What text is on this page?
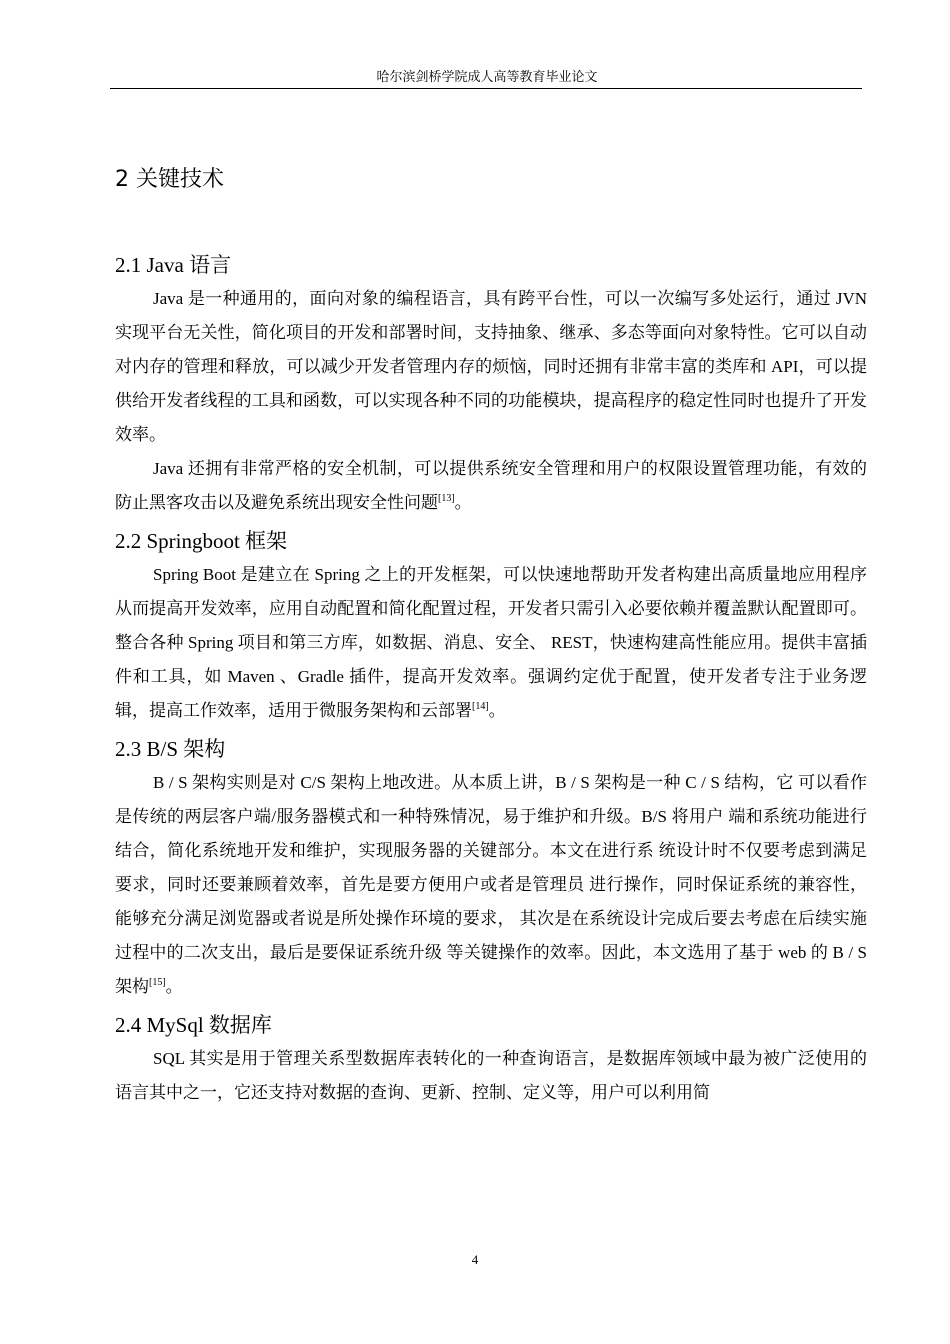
哈尔滨剑桥学院成人高等教育毕业论文
2 关键技术
2.1 Java 语言

Java 是一种通用的，面向对象的编程语言，具有跨平台性，可以一次编写多处运行，通过 JVN 实现平台无关性，简化项目的开发和部署时间，支持抽象、继承、多态等面向对象特性。它可以自动对内存的管理和释放，可以减少开发者管理内存的烦恼，同时还拥有非常丰富的类库和 API，可以提供给开发者线程的工具和函数，可以实现各种不同的功能模块，提高程序的稳定性同时也提升了开发效率。

Java 还拥有非常严格的安全机制，可以提供系统安全管理和用户的权限设置管理功能，有效的防止黑客攻击以及避免系统出现安全性问题[13]。

2.2 Springboot 框架

Spring Boot 是建立在 Spring 之上的开发框架，可以快速地帮助开发者构建出高质量地应用程序从而提高开发效率，应用自动配置和简化配置过程，开发者只需引入必要依赖并覆盖默认配置即可。整合各种 Spring 项目和第三方库，如数据、消息、安全、 REST，快速构建高性能应用。提供丰富插件和工具，如 Maven 、Gradle 插件，提高开发效率。强调约定优于配置，使开发者专注于业务逻辑，提高工作效率，适用于微服务架构和云部署[14]。

2.3 B/S 架构

B / S 架构实则是对 C/S 架构上地改进。从本质上讲，B / S 架构是一种 C / S 结构，它 可以看作是传统的两层客户端/服务器模式和一种特殊情况，易于维护和升级。B/S 将用户 端和系统功能进行结合，简化系统地开发和维护，实现服务器的关键部分。本文在进行系 统设计时不仅要考虑到满足要求，同时还要兼顾着效率，首先是要方便用户或者是管理员 进行操作，同时保证系统的兼容性，能够充分满足浏览器或者说是所处操作环境的要求， 其次是在系统设计完成后要去考虑在后续实施过程中的二次支出，最后是要保证系统升级 等关键操作的效率。因此，本文选用了基于 web 的 B / S 架构[15]。

2.4 MySql 数据库

SQL 其实是用于管理关系型数据库表转化的一种查询语言，是数据库领域中最为被广泛使用的语言其中之一，它还支持对数据的查询、更新、控制、定义等，用户可以利用简

4
